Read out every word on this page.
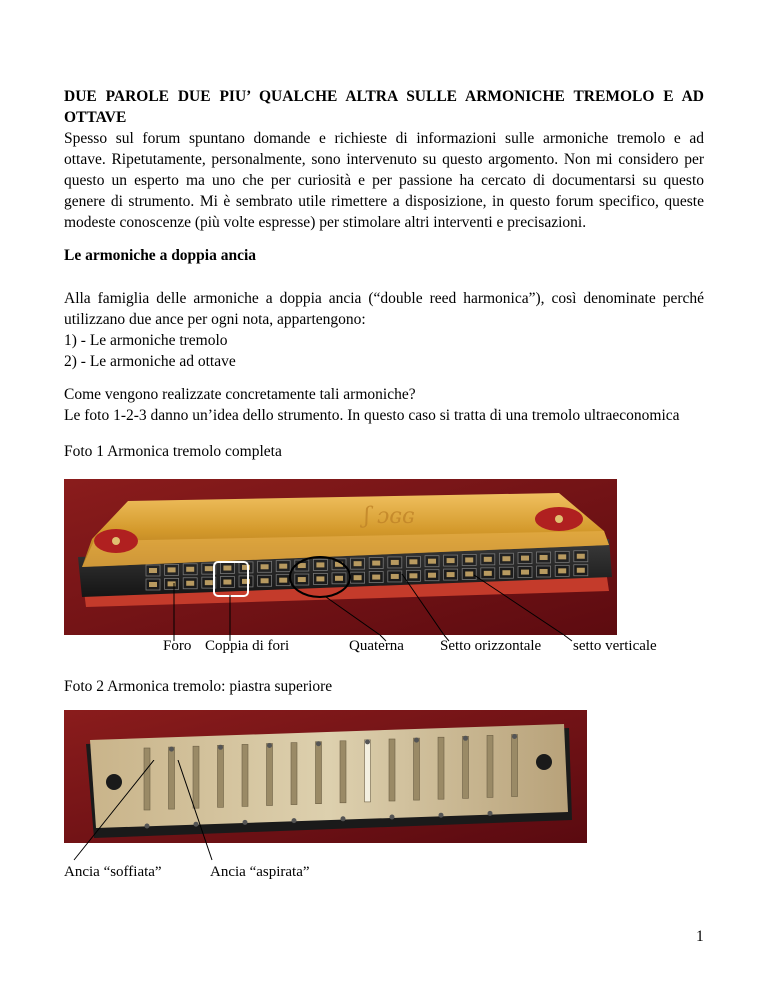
DUE PAROLE DUE PIU’ QUALCHE ALTRA SULLE ARMONICHE TREMOLO E AD
OTTAVE
Spesso sul forum spuntano domande e richieste di informazioni sulle armoniche tremolo e ad
ottave. Ripetutamente, personalmente, sono intervenuto su questo argomento. Non mi considero per
questo un esperto ma uno che per curiosità e per passione ha cercato di documentarsi su questo
genere di strumento. Mi è sembrato utile rimettere a disposizione, in questo forum specifico, queste
modeste conoscenze (più volte espresse) per stimolare altri interventi e precisazioni.
Le armoniche a doppia ancia
Alla famiglia delle armoniche a doppia ancia (“double reed harmonica”), così denominate perché
utilizzano due ance per ogni nota, appartengono:
1) - Le armoniche tremolo
2) - Le armoniche ad ottave
Come vengono realizzate concretamente tali armoniche?
Le foto 1-2-3 danno un’idea dello strumento. In questo caso si tratta di una tremolo ultraeconomica
Foto 1 Armonica tremolo completa
ʃ ɔɢɢ
Foro Coppia di fori	Quaterna Setto orizzontale setto verticale
Foto 2 Armonica tremolo: piastra superiore
Ancia “soffiata”	Ancia “aspirata”
1
